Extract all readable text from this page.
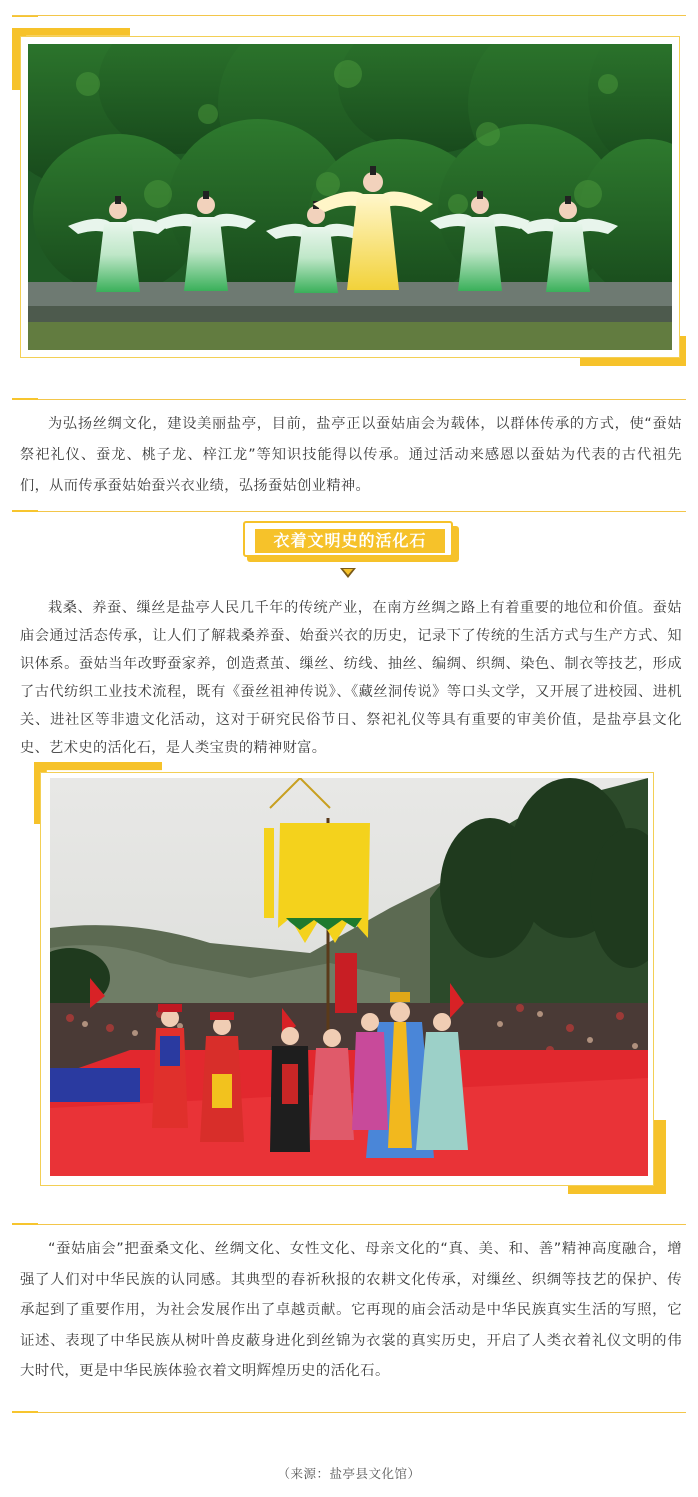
为弘扬丝绸文化，建设美丽盐亭，目前，盐亭正以蚕姑庙会为载体，以群体传承的方式，使“蚕姑祭祀礼仪、蚕龙、桃子龙、梓江龙”等知识技能得以传承。通过活动来感恩以蚕姑为代表的古代祖先们，从而传承蚕姑始蚕兴衣业绩，弘扬蚕姑创业精神。

衣着文明史的活化石

栽桑、养蚕、缫丝是盐亭人民几千年的传统产业，在南方丝绸之路上有着重要的地位和价值。蚕姑庙会通过活态传承，让人们了解栽桑养蚕、始蚕兴衣的历史，记录下了传统的生活方式与生产方式、知识体系。蚕姑当年改野蚕家养，创造煮茧、缫丝、纺线、抽丝、编绸、织绸、染色、制衣等技艺，形成了古代纺织工业技术流程，既有《蚕丝祖神传说》、《藏丝洞传说》等口头文学，又开展了进校园、进机关、进社区等非遗文化活动，这对于研究民俗节日、祭祀礼仪等具有重要的审美价值，是盐亭县文化史、艺术史的活化石，是人类宝贵的精神财富。

“蚕姑庙会”把蚕桑文化、丝绸文化、女性文化、母亲文化的“真、美、和、善”精神高度融合，增强了人们对中华民族的认同感。其典型的春祈秋报的农耕文化传承，对缫丝、织绸等技艺的保护、传承起到了重要作用，为社会发展作出了卓越贡献。它再现的庙会活动是中华民族真实生活的写照，它证述、表现了中华民族从树叶兽皮蔽身进化到丝锦为衣裳的真实历史，开启了人类衣着礼仪文明的伟大时代，更是中华民族体验衣着文明辉煌历史的活化石。

（来源：盐亭县文化馆）
